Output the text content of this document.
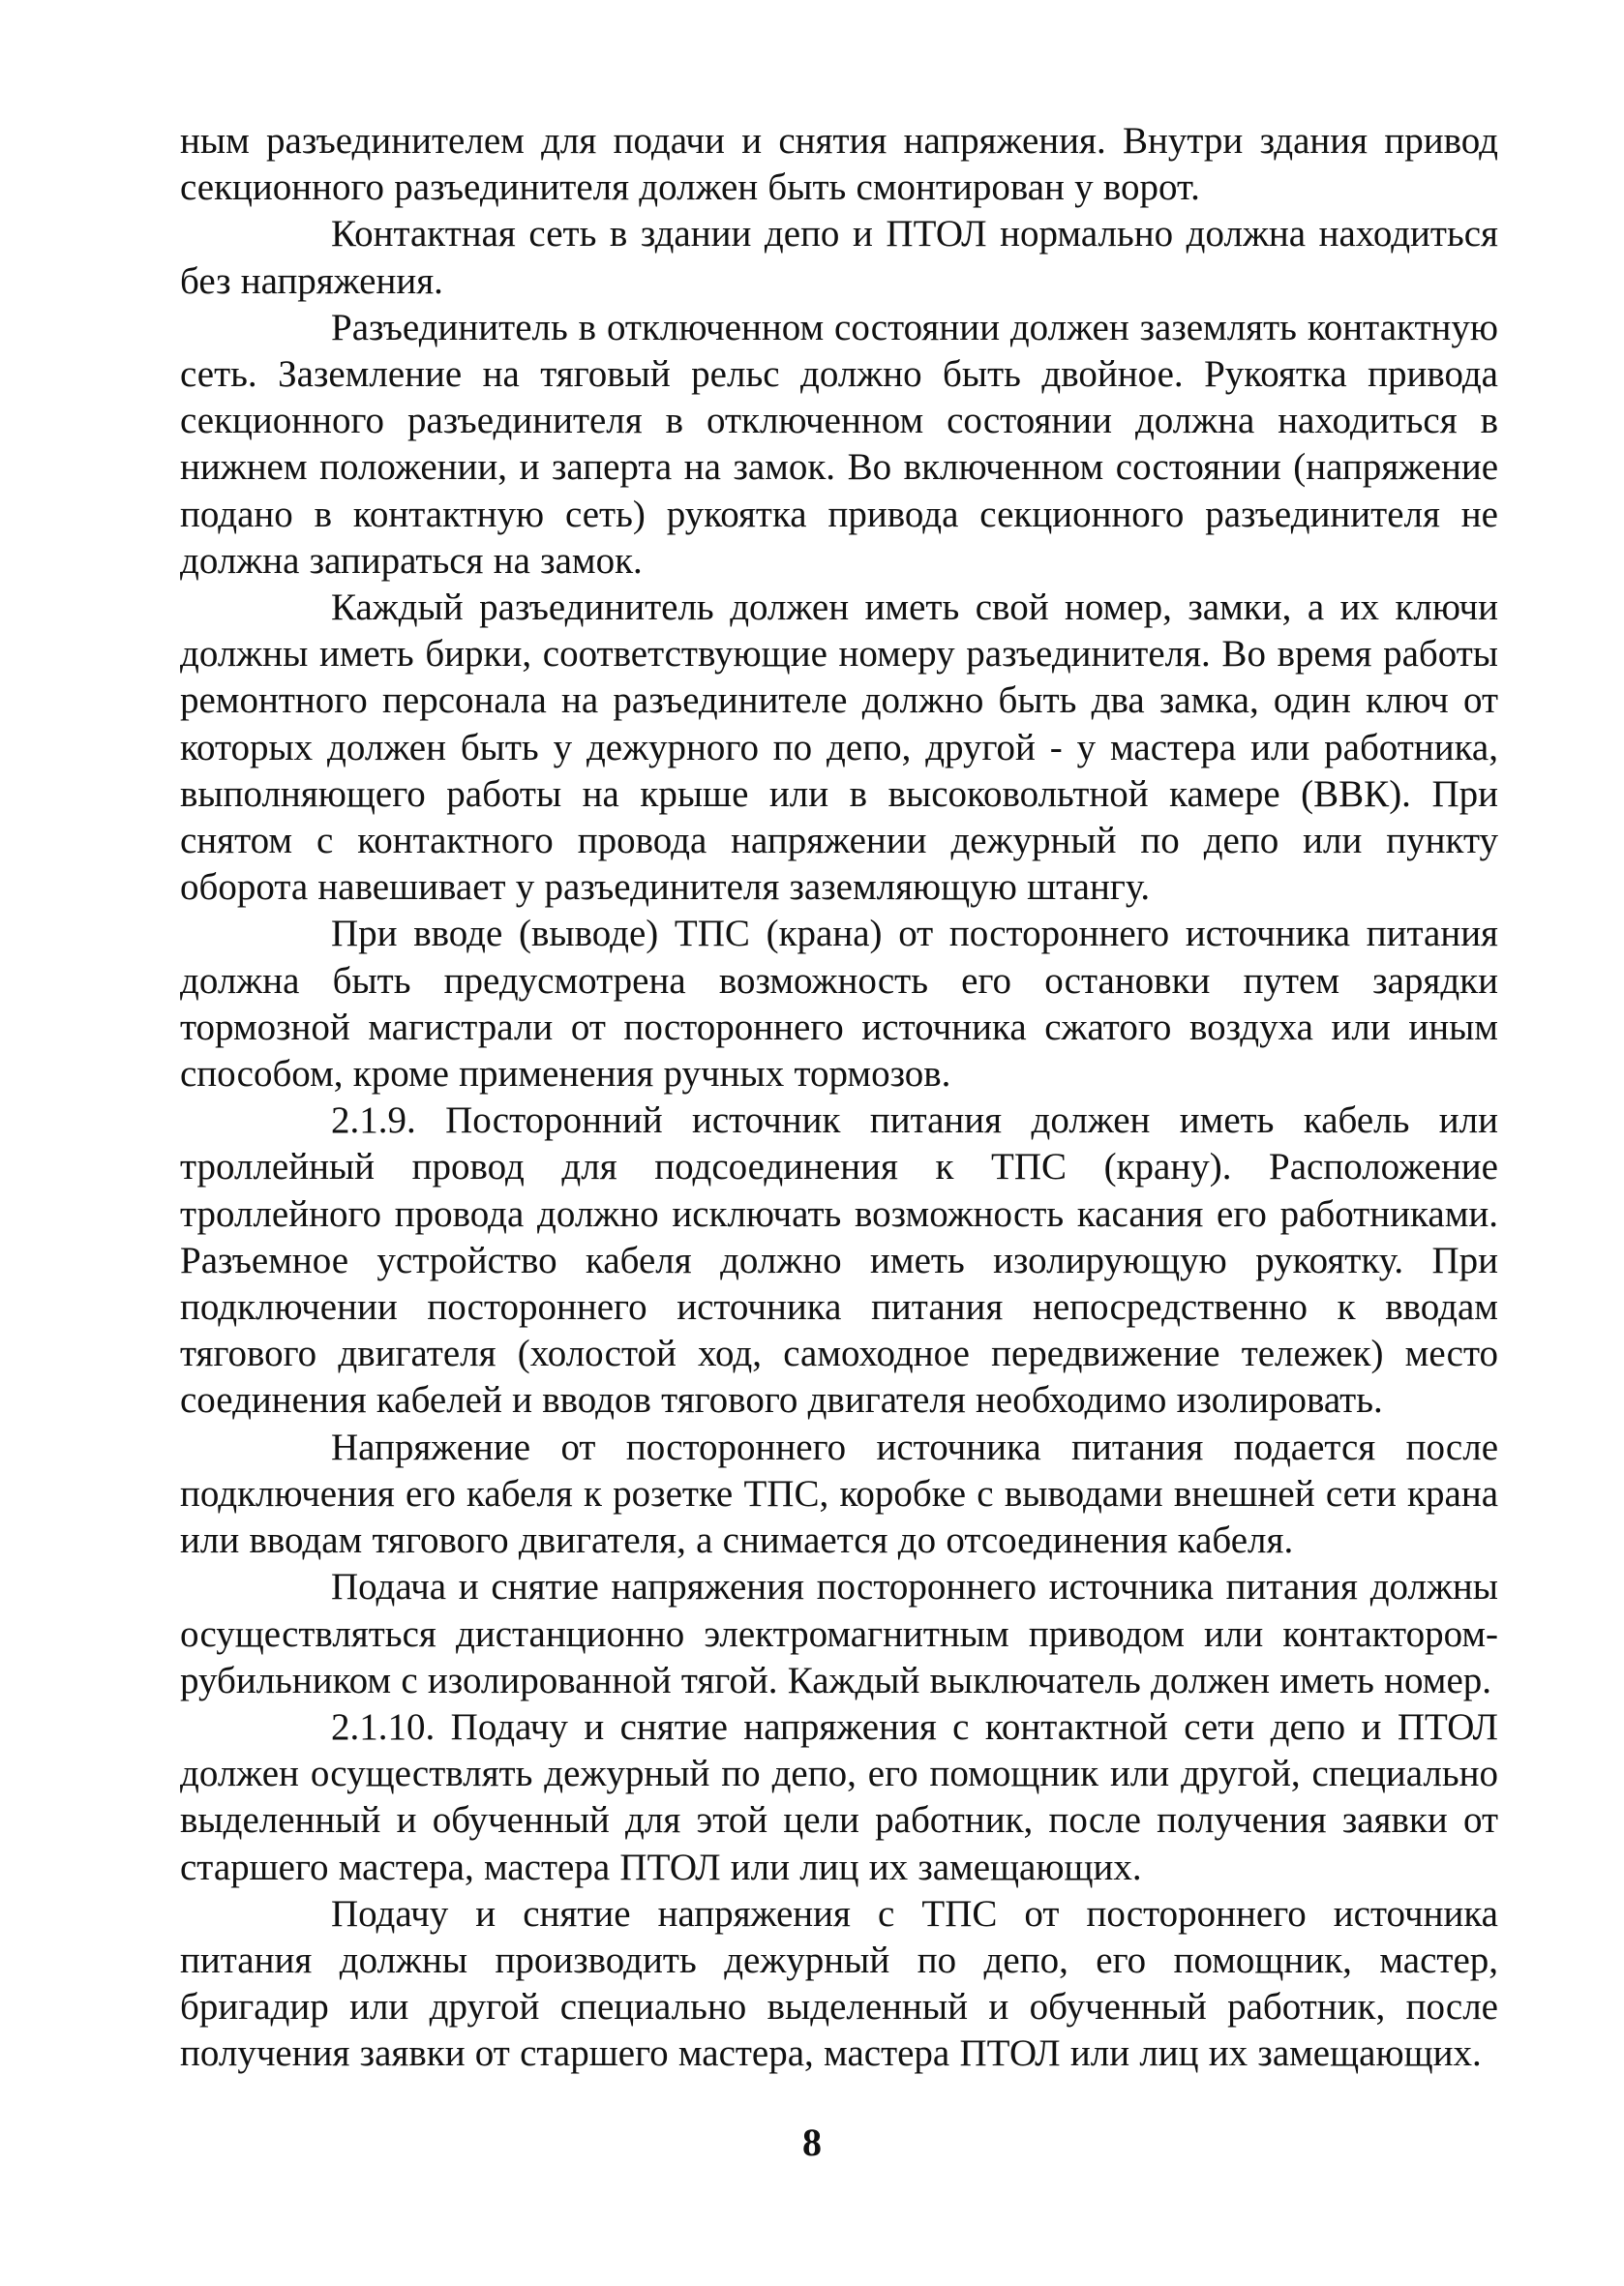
ным разъединителем для подачи и снятия напряжения. Внутри здания привод секционного разъединителя должен быть смонтирован у ворот.

Контактная сеть в здании депо и ПТОЛ нормально должна находиться без напряжения.

Разъединитель в отключенном состоянии должен заземлять контактную сеть. Заземление на тяговый рельс должно быть двойное. Рукоятка привода секционного разъединителя в отключенном состоянии должна находиться в нижнем положении, и заперта на замок. Во включенном состоянии (напряжение подано в контактную сеть) рукоятка привода секционного разъединителя не должна запираться на замок.

Каждый разъединитель должен иметь свой номер, замки, а их ключи должны иметь бирки, соответствующие номеру разъединителя. Во время работы ремонтного персонала на разъединителе должно быть два замка, один ключ от которых должен быть у дежурного по депо, другой - у мастера или работника, выполняющего работы на крыше или в высоковольтной камере (ВВК). При снятом с контактного провода напряжении дежурный по депо или пункту оборота навешивает у разъединителя заземляющую штангу.

При вводе (выводе) ТПС (крана) от постороннего источника питания должна быть предусмотрена возможность его остановки путем зарядки тормозной магистрали от постороннего источника сжатого воздуха или иным способом, кроме применения ручных тормозов.

2.1.9. Посторонний источник питания должен иметь кабель или троллейный провод для подсоединения к ТПС (крану). Расположение троллейного провода должно исключать возможность касания его работниками. Разъемное устройство кабеля должно иметь изолирующую рукоятку. При подключении постороннего источника питания непосредственно к вводам тягового двигателя (холостой ход, самоходное передвижение тележек) место соединения кабелей и вводов тягового двигателя необходимо изолировать.

Напряжение от постороннего источника питания подается после подключения его кабеля к розетке ТПС, коробке с выводами внешней сети крана или вводам тягового двигателя, а снимается до отсоединения кабеля.

Подача и снятие напряжения постороннего источника питания должны осуществляться дистанционно электромагнитным приводом или контактором-рубильником с изолированной тягой. Каждый выключатель должен иметь номер.

2.1.10. Подачу и снятие напряжения с контактной сети депо и ПТОЛ должен осуществлять дежурный по депо, его помощник или другой, специально выделенный и обученный для этой цели работник, после получения заявки от старшего мастера, мастера ПТОЛ или лиц их замещающих.

Подачу и снятие напряжения с ТПС от постороннего источника питания должны производить дежурный по депо, его помощник, мастер, бригадир или другой специально выделенный и обученный работник, после получения заявки от старшего мастера, мастера ПТОЛ или лиц их замещающих.

8
